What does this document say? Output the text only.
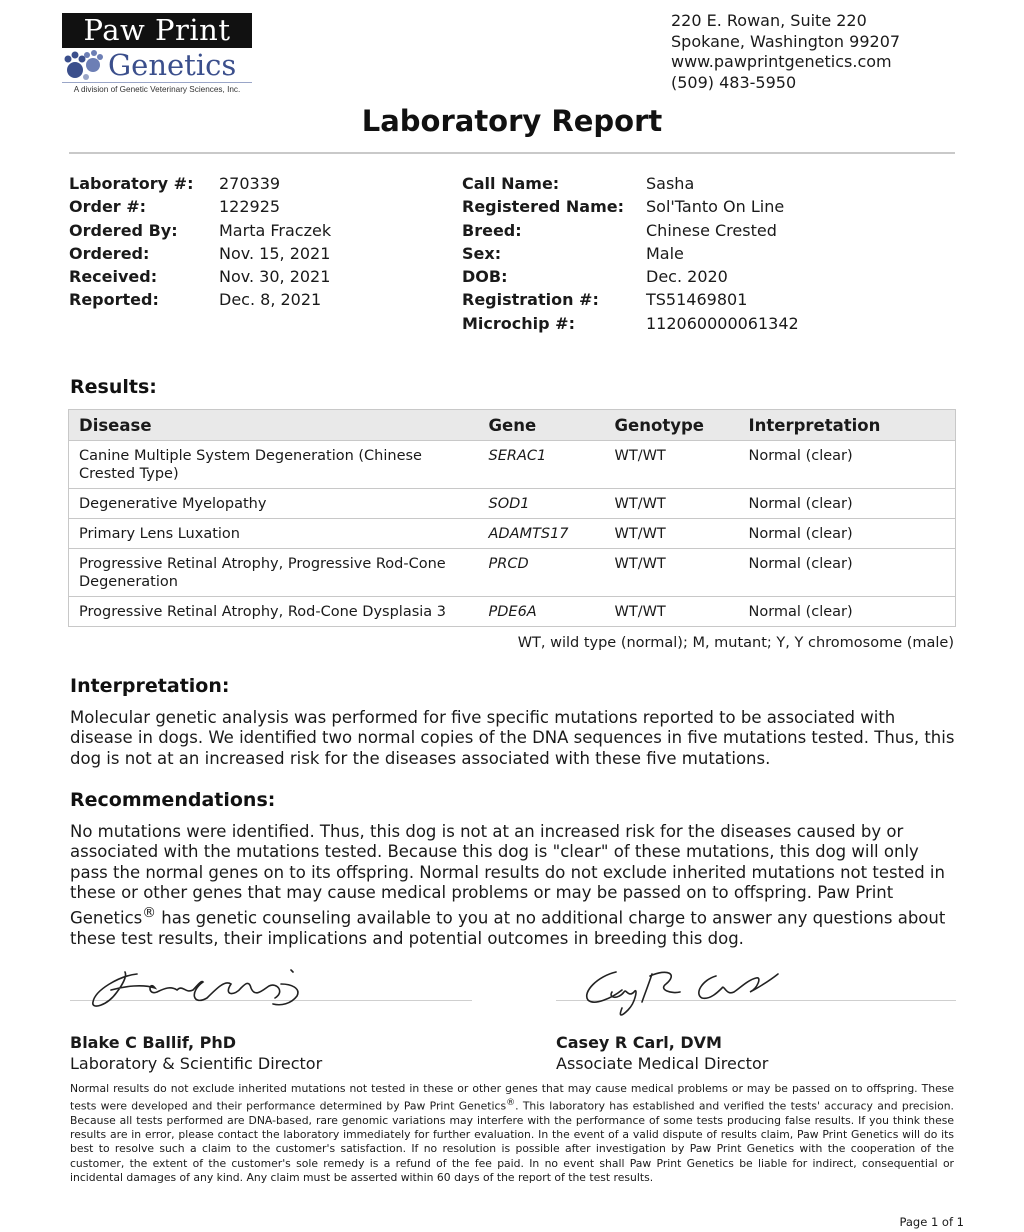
Paw Print
Genetics
A division of Genetic Veterinary Sciences, Inc.
220 E. Rowan, Suite 220
Spokane, Washington 99207
www.pawprintgenetics.com
(509) 483-5950
Laboratory Report
Laboratory #:	270339
Order #:	122925
Ordered By:	Marta Fraczek
Ordered:	Nov. 15, 2021
Received:	Nov. 30, 2021
Reported:	Dec. 8, 2021
Call Name:	Sasha
Registered Name:	Sol'Tanto On Line
Breed:	Chinese Crested
Sex:	Male
DOB:	Dec. 2020
Registration #:	TS51469801
Microchip #:	112060000061342
Results:
Disease	Gene	Genotype	Interpretation
Canine Multiple System Degeneration (Chinese Crested Type)	SERAC1	WT/WT	Normal (clear)
Degenerative Myelopathy	SOD1	WT/WT	Normal (clear)
Primary Lens Luxation	ADAMTS17	WT/WT	Normal (clear)
Progressive Retinal Atrophy, Progressive Rod-Cone Degeneration	PRCD	WT/WT	Normal (clear)
Progressive Retinal Atrophy, Rod-Cone Dysplasia 3	PDE6A	WT/WT	Normal (clear)
WT, wild type (normal); M, mutant; Y, Y chromosome (male)
Interpretation:
Molecular genetic analysis was performed for five specific mutations reported to be associated with disease in dogs. We identified two normal copies of the DNA sequences in five mutations tested. Thus, this dog is not at an increased risk for the diseases associated with these five mutations.
Recommendations:
No mutations were identified. Thus, this dog is not at an increased risk for the diseases caused by or associated with the mutations tested. Because this dog is "clear" of these mutations, this dog will only pass the normal genes on to its offspring. Normal results do not exclude inherited mutations not tested in these or other genes that may cause medical problems or may be passed on to offspring. Paw Print Genetics® has genetic counseling available to you at no additional charge to answer any questions about these test results, their implications and potential outcomes in breeding this dog.
Blake C Ballif, PhD
Laboratory & Scientific Director
Casey R Carl, DVM
Associate Medical Director
Normal results do not exclude inherited mutations not tested in these or other genes that may cause medical problems or may be passed on to offspring. These tests were developed and their performance determined by Paw Print Genetics®. This laboratory has established and verified the tests' accuracy and precision. Because all tests performed are DNA-based, rare genomic variations may interfere with the performance of some tests producing false results. If you think these results are in error, please contact the laboratory immediately for further evaluation. In the event of a valid dispute of results claim, Paw Print Genetics will do its best to resolve such a claim to the customer's satisfaction. If no resolution is possible after investigation by Paw Print Genetics with the cooperation of the customer, the extent of the customer's sole remedy is a refund of the fee paid. In no event shall Paw Print Genetics be liable for indirect, consequential or incidental damages of any kind. Any claim must be asserted within 60 days of the report of the test results.
Page 1 of 1
